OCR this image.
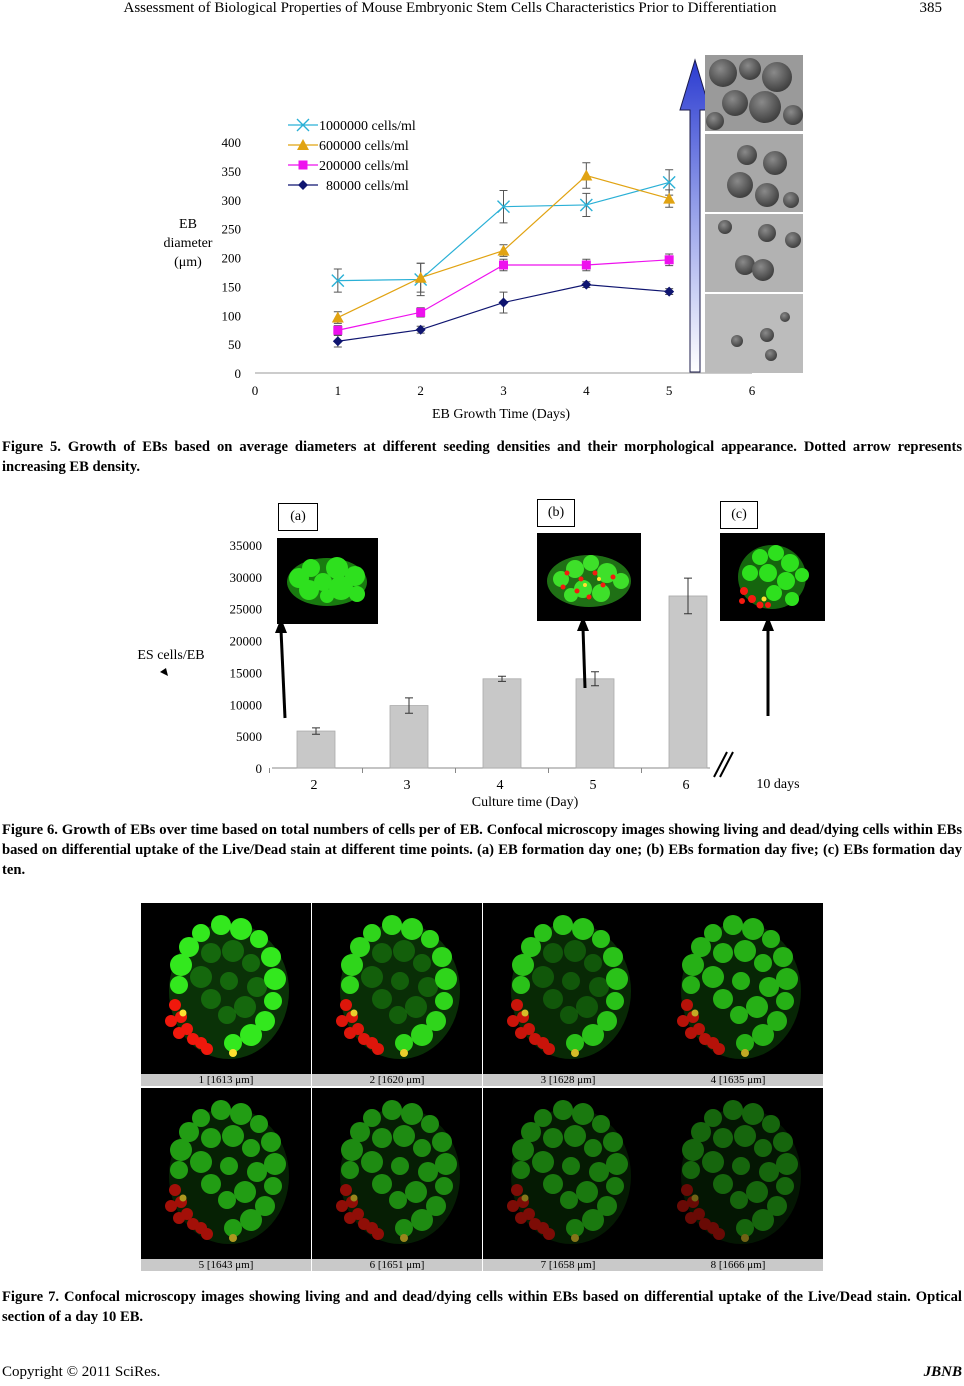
Assessment of Biological Properties of Mouse Embryonic Stem Cells Characteristics Prior to Differentiation	385
0
50
100
150
200
250
300
350
400
0	1	2	3	4	5	6
1000000 cells/ml
600000 cells/ml
200000 cells/ml
80000 cells/ml
EB
diameter
(μm)
EB Growth Time (Days)
Figure 5. Growth of EBs based on average diameters at different seeding densities and their morphological appearance. Dotted arrow represents increasing EB density.
0
5000
10000
15000
20000
25000
30000
35000
2	3	4	5	6
ES cells/EB
Culture time (Day)
10 days
(a)	(b)	(c)
Figure 6. Growth of EBs over time based on total numbers of cells per of EB. Confocal microscopy images showing living and dead/dying cells within EBs based on differential uptake of the Live/Dead stain at different time points. (a) EB formation day one; (b) EBs formation day five; (c) EBs formation day ten.
1 [1613 μm]	2 [1620 μm]	3 [1628 μm]	4 [1635 μm]
5 [1643 μm]	6 [1651 μm]	7 [1658 μm]	8 [1666 μm]
Figure 7. Confocal microscopy images showing living and and dead/dying cells within EBs based on differential uptake of the Live/Dead stain. Optical section of a day 10 EB.
Copyright © 2011 SciRes.	JBNB
